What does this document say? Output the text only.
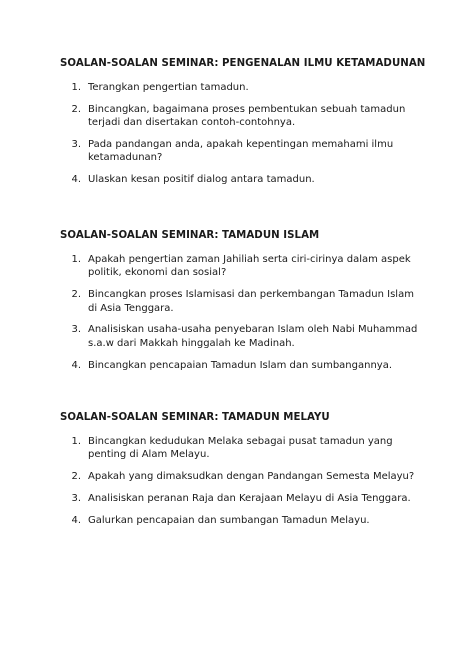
SOALAN-SOALAN SEMINAR: PENGENALAN ILMU KETAMADUNAN
1. Terangkan pengertian tamadun.
2. Bincangkan, bagaimana proses pembentukan sebuah tamadun terjadi dan disertakan contoh-contohnya.
3. Pada pandangan anda, apakah kepentingan memahami ilmu ketamadunan?
4. Ulaskan kesan positif dialog antara tamadun.
SOALAN-SOALAN SEMINAR: TAMADUN ISLAM
1. Apakah pengertian zaman Jahiliah serta ciri-cirinya dalam aspek politik, ekonomi dan sosial?
2. Bincangkan proses Islamisasi dan perkembangan Tamadun Islam di Asia Tenggara.
3. Analisiskan usaha-usaha penyebaran Islam oleh Nabi Muhammad s.a.w dari Makkah hinggalah ke Madinah.
4. Bincangkan pencapaian Tamadun Islam dan sumbangannya.
SOALAN-SOALAN SEMINAR: TAMADUN MELAYU
1. Bincangkan kedudukan Melaka sebagai pusat tamadun yang penting di Alam Melayu.
2. Apakah yang dimaksudkan dengan Pandangan Semesta Melayu?
3. Analisiskan peranan Raja dan Kerajaan Melayu di Asia Tenggara.
4. Galurkan pencapaian dan sumbangan Tamadun Melayu.
